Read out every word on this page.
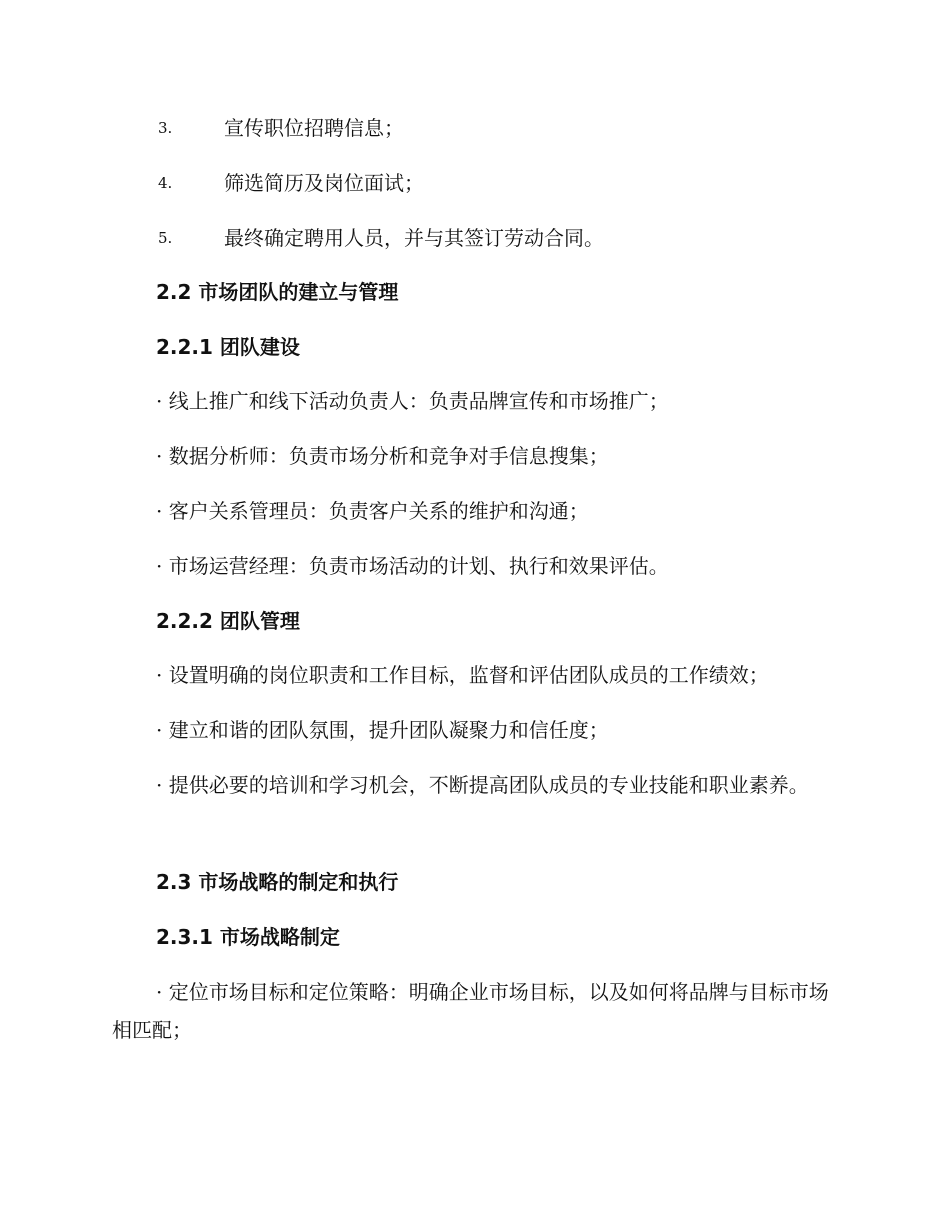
3.	宣传职位招聘信息；
4.	筛选简历及岗位面试；
5.	最终确定聘用人员，并与其签订劳动合同。
2.2 市场团队的建立与管理
2.2.1 团队建设
· 线上推广和线下活动负责人：负责品牌宣传和市场推广；
· 数据分析师：负责市场分析和竞争对手信息搜集；
· 客户关系管理员：负责客户关系的维护和沟通；
· 市场运营经理：负责市场活动的计划、执行和效果评估。
2.2.2 团队管理
· 设置明确的岗位职责和工作目标，监督和评估团队成员的工作绩效；
· 建立和谐的团队氛围，提升团队凝聚力和信任度；
· 提供必要的培训和学习机会，不断提高团队成员的专业技能和职业素养。
2.3 市场战略的制定和执行
2.3.1 市场战略制定
· 定位市场目标和定位策略：明确企业市场目标，以及如何将品牌与目标市场相匹配；
